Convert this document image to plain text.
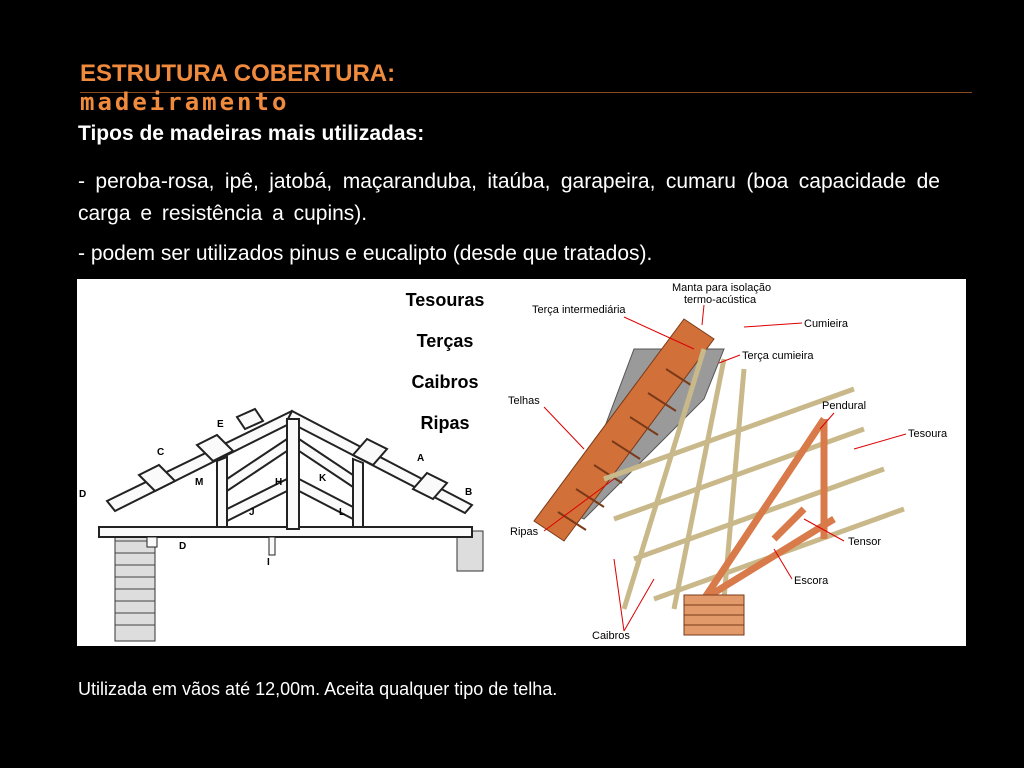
ESTRUTURA COBERTURA:
madeiramento
Tipos de madeiras mais utilizadas:
- peroba-rosa, ipê, jatobá, maçaranduba, itaúba, garapeira, cumaru (boa capacidade de carga e resistência a cupins).
- podem ser utilizados pinus e eucalipto (desde que tratados).
E
C
D
M	H	K
A
B
J	L
D
I
Manta para isolação
termo-acústica
Terça intermediária
Cumieira
Terça cumieira
Telhas	Pendural
Tesoura
Ripas
Tensor
Escora
Caibros
Tesouras
Terças
Caibros
Ripas
Utilizada em vãos até 12,00m. Aceita qualquer tipo de telha.
